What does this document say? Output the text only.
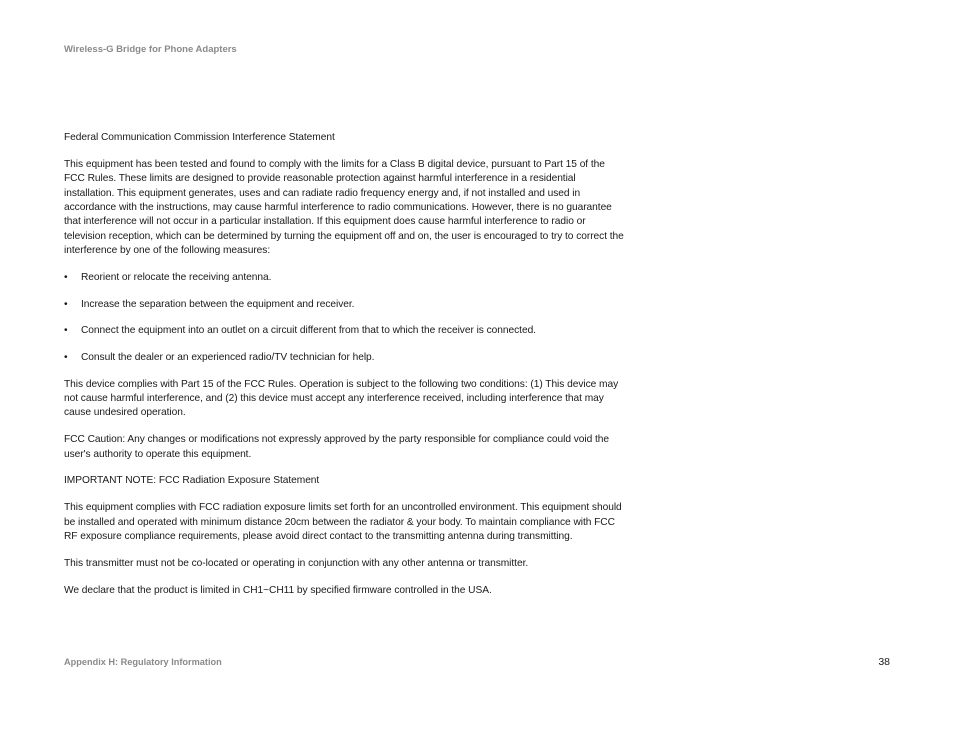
Wireless-G Bridge for Phone Adapters

Federal Communication Commission Interference Statement

This equipment has been tested and found to comply with the limits for a Class B digital device, pursuant to Part 15 of the FCC Rules. These limits are designed to provide reasonable protection against harmful interference in a residential installation. This equipment generates, uses and can radiate radio frequency energy and, if not installed and used in accordance with the instructions, may cause harmful interference to radio communications. However, there is no guarantee that interference will not occur in a particular installation. If this equipment does cause harmful interference to radio or television reception, which can be determined by turning the equipment off and on, the user is encouraged to try to correct the interference by one of the following measures:

• Reorient or relocate the receiving antenna.
• Increase the separation between the equipment and receiver.
• Connect the equipment into an outlet on a circuit different from that to which the receiver is connected.
• Consult the dealer or an experienced radio/TV technician for help.

This device complies with Part 15 of the FCC Rules. Operation is subject to the following two conditions: (1) This device may not cause harmful interference, and (2) this device must accept any interference received, including interference that may cause undesired operation.

FCC Caution: Any changes or modifications not expressly approved by the party responsible for compliance could void the user's authority to operate this equipment.

IMPORTANT NOTE: FCC Radiation Exposure Statement

This equipment complies with FCC radiation exposure limits set forth for an uncontrolled environment. This equipment should be installed and operated with minimum distance 20cm between the radiator & your body. To maintain compliance with FCC RF exposure compliance requirements, please avoid direct contact to the transmitting antenna during transmitting.

This transmitter must not be co-located or operating in conjunction with any other antenna or transmitter.

We declare that the product is limited in CH1~CH11 by specified firmware controlled in the USA.

Appendix H: Regulatory Information	38
